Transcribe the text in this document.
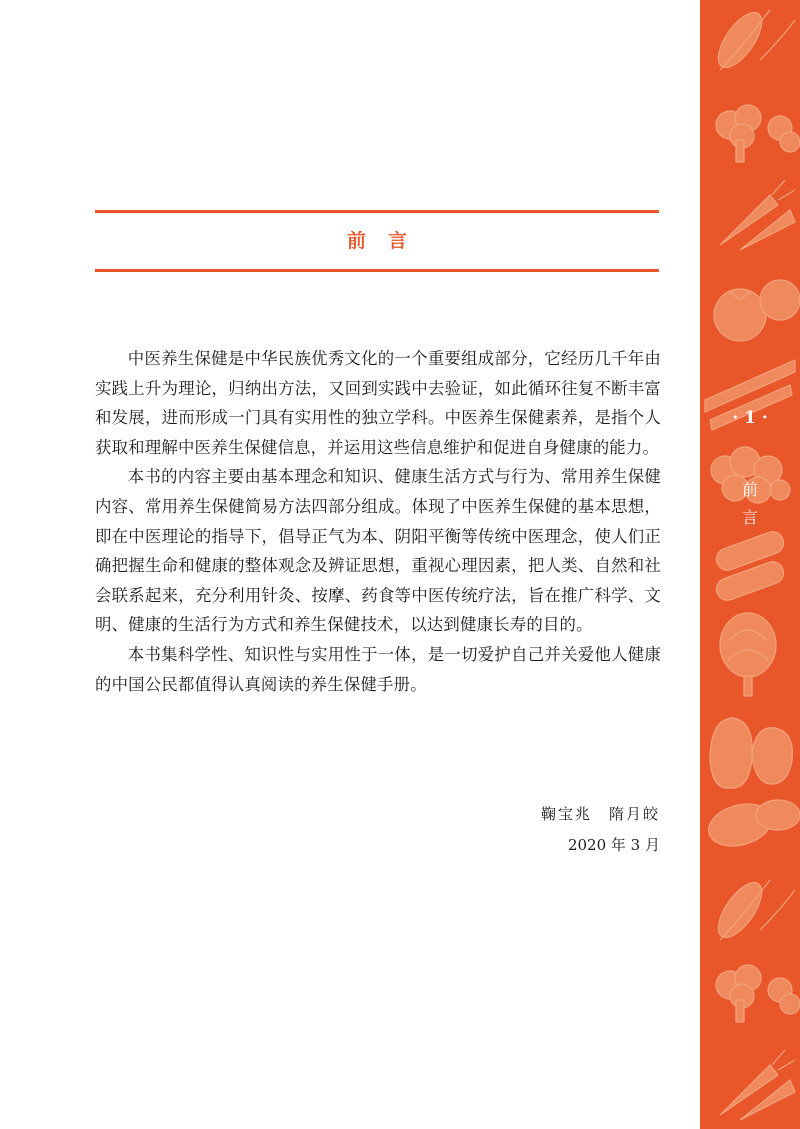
前言

中医养生保健是中华民族优秀文化的一个重要组成部分，它经历几千年由实践上升为理论，归纳出方法，又回到实践中去验证，如此循环往复不断丰富和发展，进而形成一门具有实用性的独立学科。中医养生保健素养，是指个人获取和理解中医养生保健信息，并运用这些信息维护和促进自身健康的能力。

本书的内容主要由基本理念和知识、健康生活方式与行为、常用养生保健内容、常用养生保健简易方法四部分组成。体现了中医养生保健的基本思想，即在中医理论的指导下，倡导正气为本、阴阳平衡等传统中医理念，使人们正确把握生命和健康的整体观念及辨证思想，重视心理因素，把人类、自然和社会联系起来，充分利用针灸、按摩、药食等中医传统疗法，旨在推广科学、文明、健康的生活行为方式和养生保健技术，以达到健康长寿的目的。

本书集科学性、知识性与实用性于一体，是一切爱护自己并关爱他人健康的中国公民都值得认真阅读的养生保健手册。

鞠宝兆　隋月皎
2020 年 3 月
· 1 ·
前
言
